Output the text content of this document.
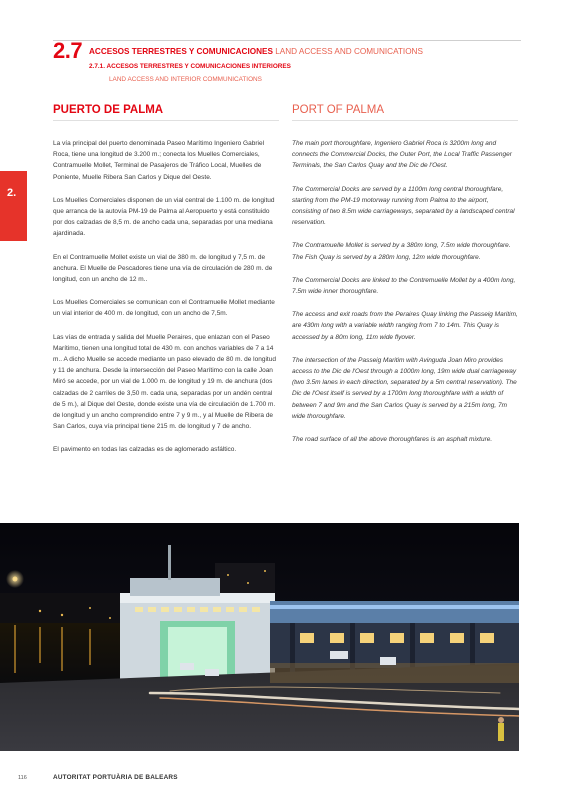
2.7 ACCESOS TERRESTRES Y COMUNICACIONES LAND ACCESS AND COMUNICATIONS
2.7.1. ACCESOS TERRESTRES Y COMUNICACIONES INTERIORES
LAND ACCESS AND INTERIOR COMMUNICATIONS
2.
PUERTO DE PALMA

La vía principal del puerto denominada Paseo Marítimo Ingeniero Gabriel Roca, tiene una longitud de 3.200 m.; conecta los Muelles Comerciales, Contramuelle Mollet, Terminal de Pasajeros de Tráfico Local, Muelles de Poniente, Muelle Ribera San Carlos y Dique del Oeste.

Los Muelles Comerciales disponen de un vial central de 1.100 m. de longitud que arranca de la autovía PM-19 de Palma al Aeropuerto y está constituido por dos calzadas de 8,5 m. de ancho cada una, separadas por una mediana ajardinada.

En el Contramuelle Mollet existe un vial de 380 m. de longitud y 7,5 m. de anchura. El Muelle de Pescadores tiene una vía de circulación de 280 m. de longitud, con un ancho de 12 m..

Los Muelles Comerciales se comunican con el Contramuelle Mollet mediante un vial interior de 400 m. de longitud, con un ancho de 7,5m.

Las vías de entrada y salida del Muelle Peraires, que enlazan con el Paseo Marítimo, tienen una longitud total de 430 m. con anchos variables de 7 a 14 m.. A dicho Muelle se accede mediante un paso elevado de 80 m. de longitud y 11 de anchura. Desde la intersección del Paseo Marítimo con la calle Joan Miró se accede, por un vial de 1.000 m. de longitud y 19 m. de anchura (dos calzadas de 2 carriles de 3,50 m. cada una, separadas por un andén central de 5 m.), al Dique del Oeste, donde existe una vía de circulación de 1.700 m. de longitud y un ancho comprendido entre 7 y 9 m., y al Muelle de Ribera de San Carlos, cuya vía principal tiene 215 m. de longitud y 7 de ancho.

El pavimento en todas las calzadas es de aglomerado asfáltico.

PORT OF PALMA

The main port thoroughfare, Ingeniero Gabriel Roca is 3200m long and connects the Commercial Docks, the Outer Port, the Local Traffic Passenger Terminals, the San Carlos Quay and the Dic de l'Oest.

The Commercial Docks are served by a 1100m long central thoroughfare, starting from the PM-19 motorway running from Palma to the airport, consisting of two 8.5m wide carriageways, separated by a landscaped central reservation.

The Contramuelle Mollet is served by a 380m long, 7.5m wide thoroughfare. The Fish Quay is served by a 280m long, 12m wide thoroughfare.

The Commercial Docks are linked to the Contremuelle Mollet by a 400m long, 7.5m wide inner thoroughfare.

The access and exit roads from the Peraires Quay linking the Passeig Maritim, are 430m long with a variable width ranging from 7 to 14m. This Quay is accessed by a 80m long, 11m wide flyover.

The intersection of the Passeig Maritim with Avinguda Joan Miro provides access to the Dic de l'Oest through a 1000m long, 19m wide dual carriageway (two 3.5m lanes in each direction, separated by a 5m central reservation). The Dic de l'Oest itself is served by a 1700m long thoroughfare with a width of between 7 and 9m and the San Carlos Quay is served by a 215m long, 7m wide thoroughfare.

The road surface of all the above thoroughfares is an asphalt mixture.

116	AUTORITAT PORTUÀRIA DE BALEARS
